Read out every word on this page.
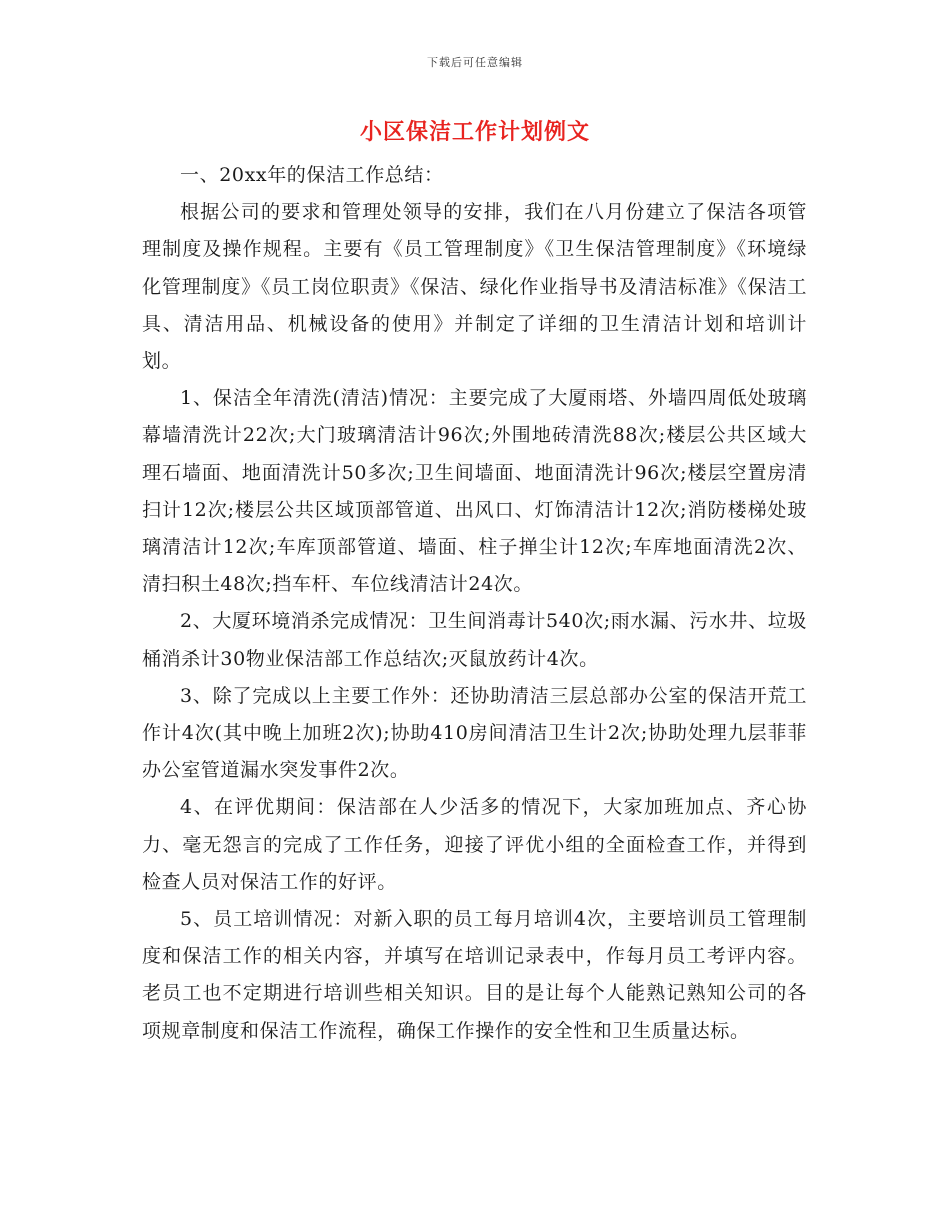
下载后可任意编辑
小区保洁工作计划例文

一、20xx年的保洁工作总结：

根据公司的要求和管理处领导的安排，我们在八月份建立了保洁各项管理制度及操作规程。主要有《员工管理制度》《卫生保洁管理制度》《环境绿化管理制度》《员工岗位职责》《保洁、绿化作业指导书及清洁标准》《保洁工具、清洁用品、机械设备的使用》并制定了详细的卫生清洁计划和培训计划。

1、保洁全年清洗(清洁)情况：主要完成了大厦雨塔、外墙四周低处玻璃幕墙清洗计22次;大门玻璃清洁计96次;外围地砖清洗88次;楼层公共区域大理石墙面、地面清洗计50多次;卫生间墙面、地面清洗计96次;楼层空置房清扫计12次;楼层公共区域顶部管道、出风口、灯饰清洁计12次;消防楼梯处玻璃清洁计12次;车库顶部管道、墙面、柱子掸尘计12次;车库地面清洗2次、清扫积土48次;挡车杆、车位线清洁计24次。

2、大厦环境消杀完成情况：卫生间消毒计540次;雨水漏、污水井、垃圾桶消杀计30物业保洁部工作总结次;灭鼠放药计4次。

3、除了完成以上主要工作外：还协助清洁三层总部办公室的保洁开荒工作计4次(其中晚上加班2次);协助410房间清洁卫生计2次;协助处理九层菲菲办公室管道漏水突发事件2次。

4、在评优期间：保洁部在人少活多的情况下，大家加班加点、齐心协力、毫无怨言的完成了工作任务，迎接了评优小组的全面检查工作，并得到检查人员对保洁工作的好评。

5、员工培训情况：对新入职的员工每月培训4次，主要培训员工管理制度和保洁工作的相关内容，并填写在培训记录表中，作每月员工考评内容。老员工也不定期进行培训些相关知识。目的是让每个人能熟记熟知公司的各项规章制度和保洁工作流程，确保工作操作的安全性和卫生质量达标。
